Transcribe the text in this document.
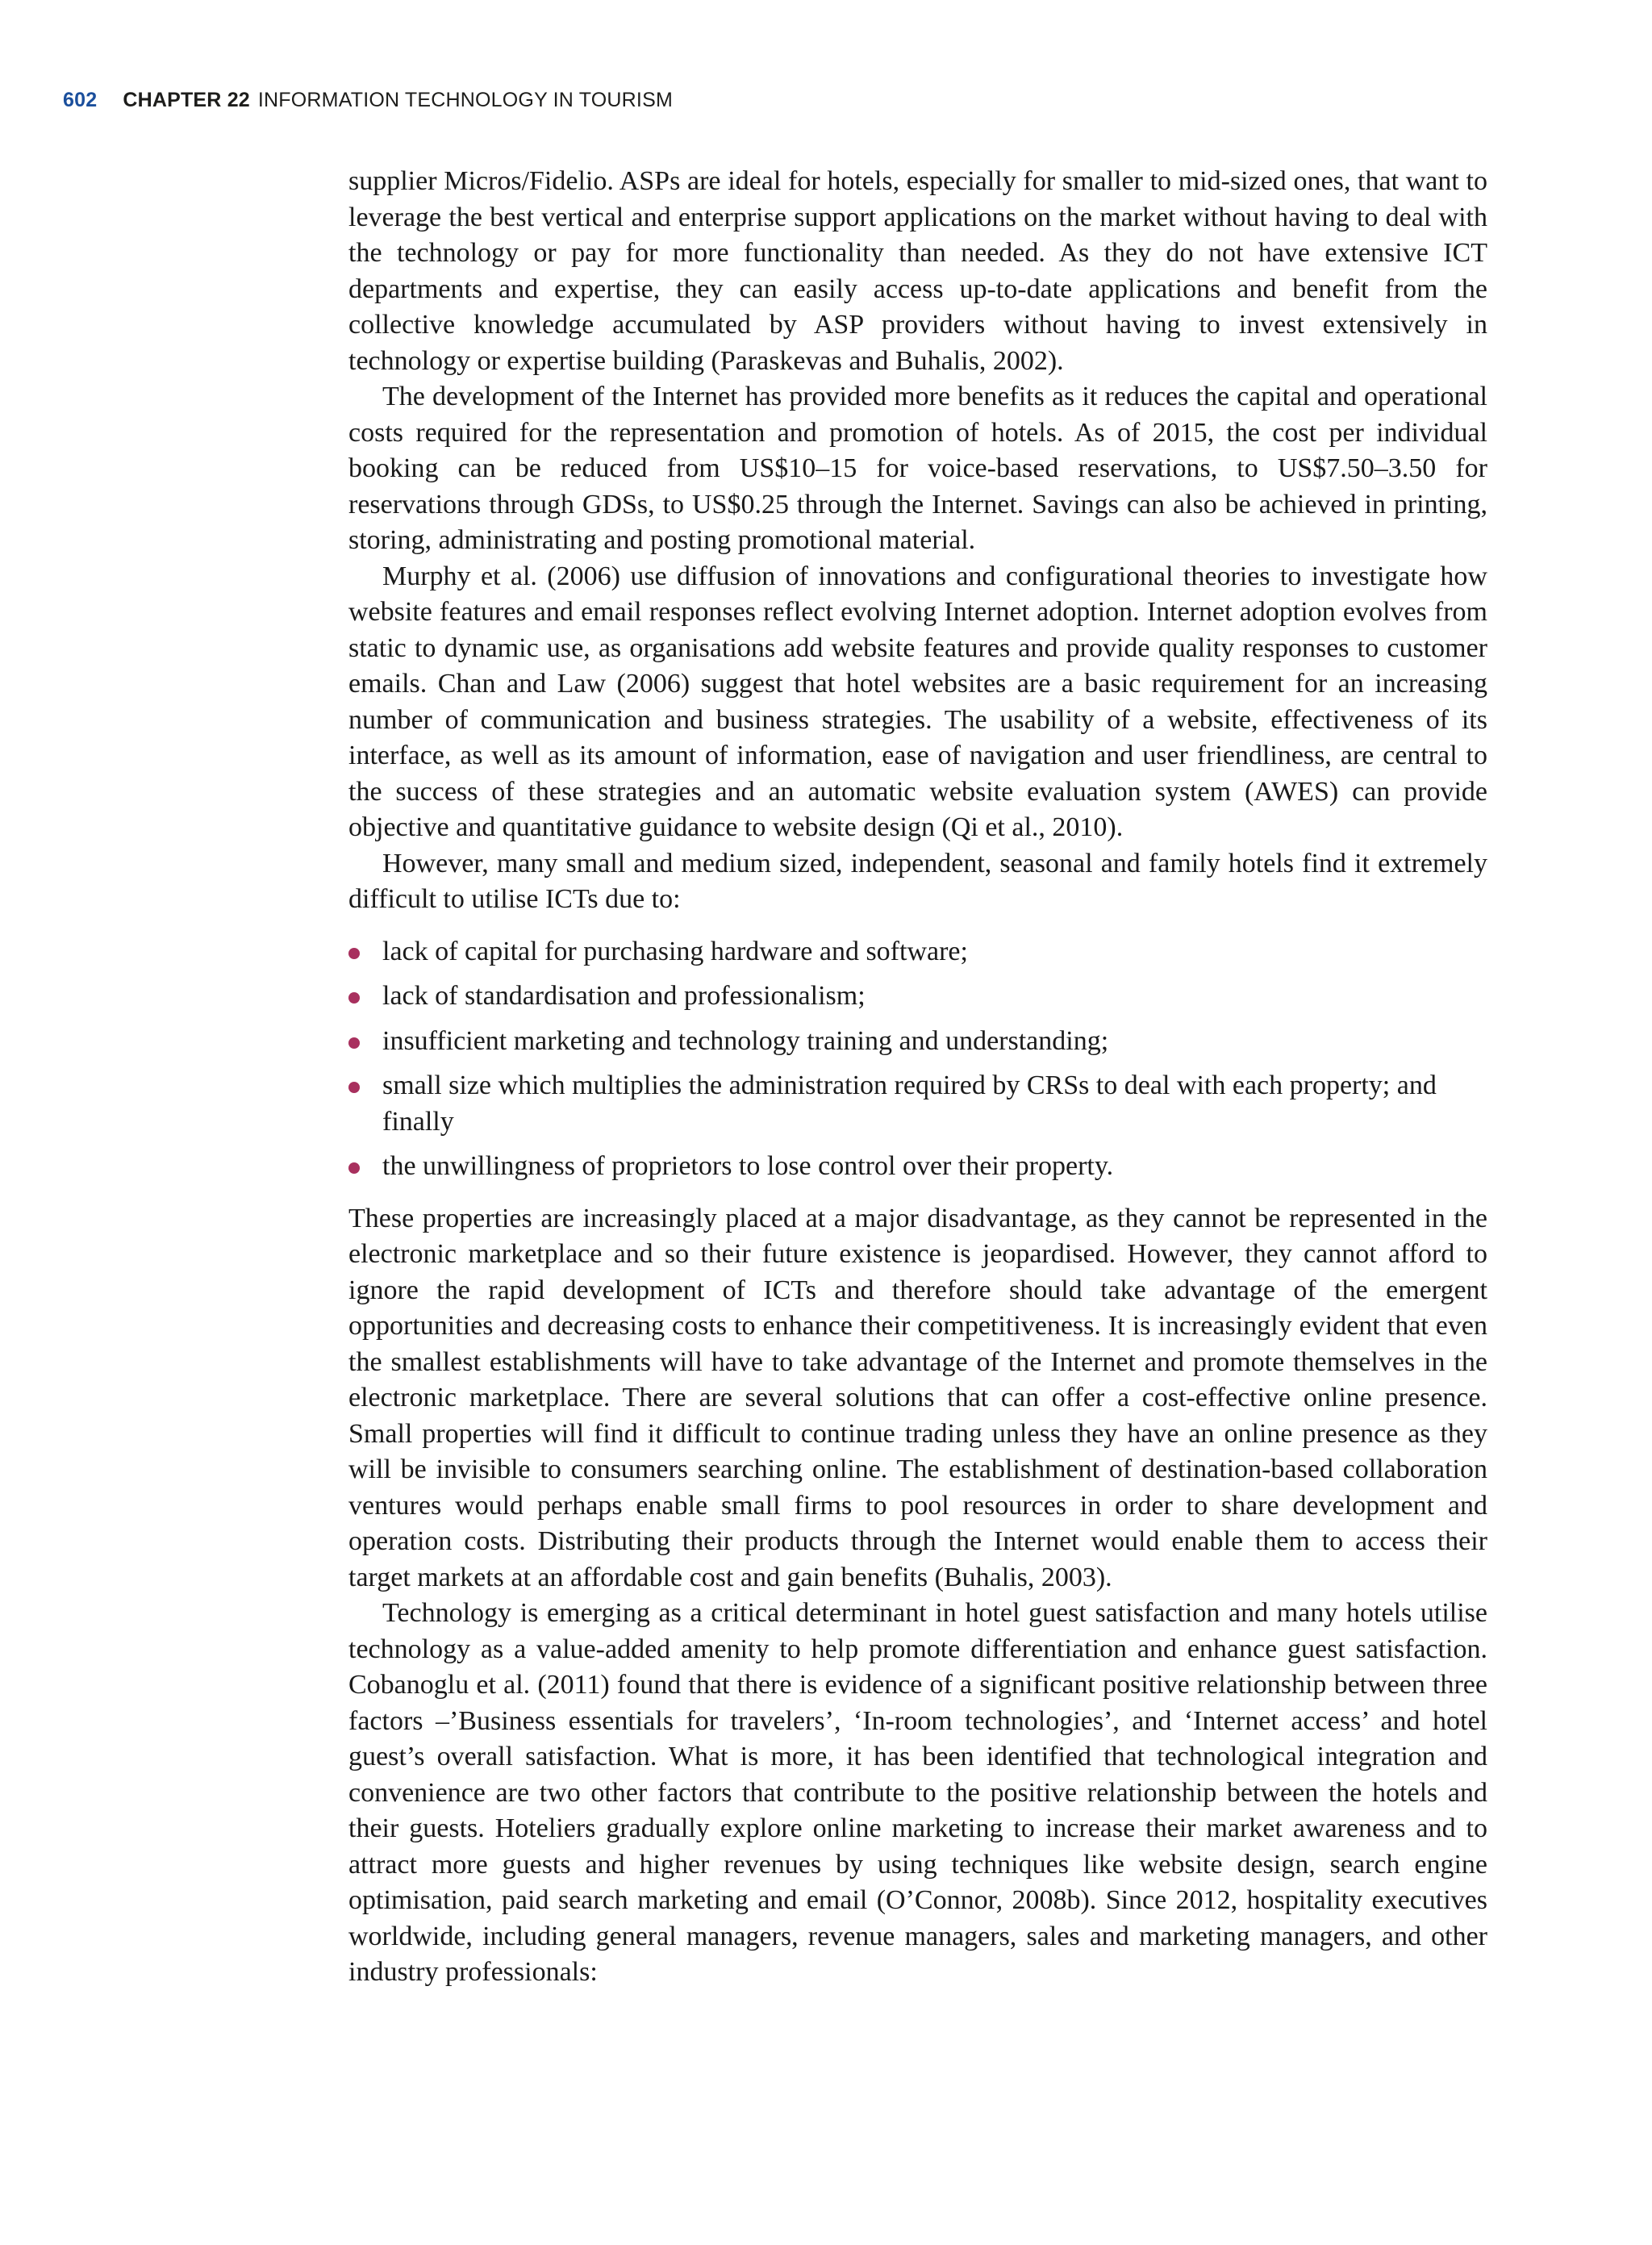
602 CHAPTER 22 INFORMATION TECHNOLOGY IN TOURISM

supplier Micros/Fidelio. ASPs are ideal for hotels, especially for smaller to mid-sized ones, that want to leverage the best vertical and enterprise support applications on the market without having to deal with the technology or pay for more functionality than needed. As they do not have extensive ICT departments and expertise, they can easily access up-to-date applications and benefit from the collective knowledge accumulated by ASP providers without having to invest extensively in technology or expertise building (Paraskevas and Buhalis, 2002).

The development of the Internet has provided more benefits as it reduces the capital and operational costs required for the representation and promotion of hotels. As of 2015, the cost per individual booking can be reduced from US$10–15 for voice-based reservations, to US$7.50–3.50 for reservations through GDSs, to US$0.25 through the Internet. Savings can also be achieved in printing, storing, administrating and posting promotional material.

Murphy et al. (2006) use diffusion of innovations and configurational theories to investigate how website features and email responses reflect evolving Internet adoption. Internet adoption evolves from static to dynamic use, as organisations add website features and provide quality responses to customer emails. Chan and Law (2006) suggest that hotel websites are a basic requirement for an increasing number of communication and business strategies. The usability of a website, effectiveness of its interface, as well as its amount of information, ease of navigation and user friendliness, are central to the success of these strategies and an automatic website evaluation system (AWES) can provide objective and quantitative guidance to website design (Qi et al., 2010).

However, many small and medium sized, independent, seasonal and family hotels find it extremely difficult to utilise ICTs due to:

lack of capital for purchasing hardware and software;
lack of standardisation and professionalism;
insufficient marketing and technology training and understanding;
small size which multiplies the administration required by CRSs to deal with each property; and finally
the unwillingness of proprietors to lose control over their property.

These properties are increasingly placed at a major disadvantage, as they cannot be represented in the electronic marketplace and so their future existence is jeopardised. However, they cannot afford to ignore the rapid development of ICTs and therefore should take advantage of the emergent opportunities and decreasing costs to enhance their competitiveness. It is increasingly evident that even the smallest establishments will have to take advantage of the Internet and promote themselves in the electronic marketplace. There are several solutions that can offer a cost-effective online presence. Small properties will find it difficult to continue trading unless they have an online presence as they will be invisible to consumers searching online. The establishment of destination-based collaboration ventures would perhaps enable small firms to pool resources in order to share development and operation costs. Distributing their products through the Internet would enable them to access their target markets at an affordable cost and gain benefits (Buhalis, 2003).

Technology is emerging as a critical determinant in hotel guest satisfaction and many hotels utilise technology as a value-added amenity to help promote differentiation and enhance guest satisfaction. Cobanoglu et al. (2011) found that there is evidence of a significant positive relationship between three factors –’Business essentials for travelers’, ‘In-room technologies’, and ‘Internet access’ and hotel guest’s overall satisfaction. What is more, it has been identified that technological integration and convenience are two other factors that contribute to the positive relationship between the hotels and their guests. Hoteliers gradually explore online marketing to increase their market awareness and to attract more guests and higher revenues by using techniques like website design, search engine optimisation, paid search marketing and email (O’Connor, 2008b). Since 2012, hospitality executives worldwide, including general managers, revenue managers, sales and marketing managers, and other industry professionals:
